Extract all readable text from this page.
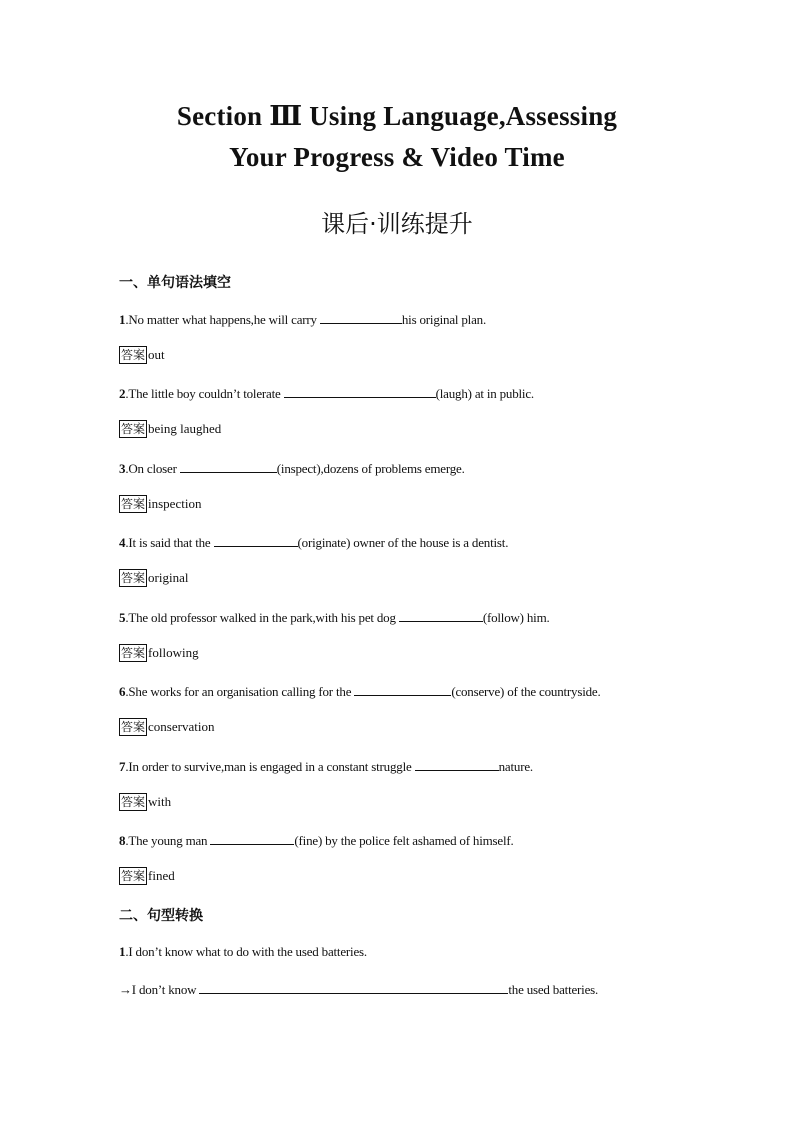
Section Ⅲ Using Language,Assessing
Your Progress & Video Time
课后·训练提升
一、单句语法填空
1.No matter what happens,he will carry	his original plan.
答案 out
2.The little boy couldn’t tolerate	(laugh) at in public.
答案 being laughed
3.On closer	(inspect),dozens of problems emerge.
答案 inspection
4.It is said that the	(originate) owner of the house is a dentist.
答案 original
5.The old professor walked in the park,with his pet dog	(follow) him.
答案 following
6.She works for an organisation calling for the	(conserve) of the countryside.
答案 conservation
7.In order to survive,man is engaged in a constant struggle	nature.
答案 with
8.The young man	(fine) by the police felt ashamed of himself.
答案 fined
二、句型转换
1.I don’t know what to do with the used batteries.
→I don’t know	the used batteries.
